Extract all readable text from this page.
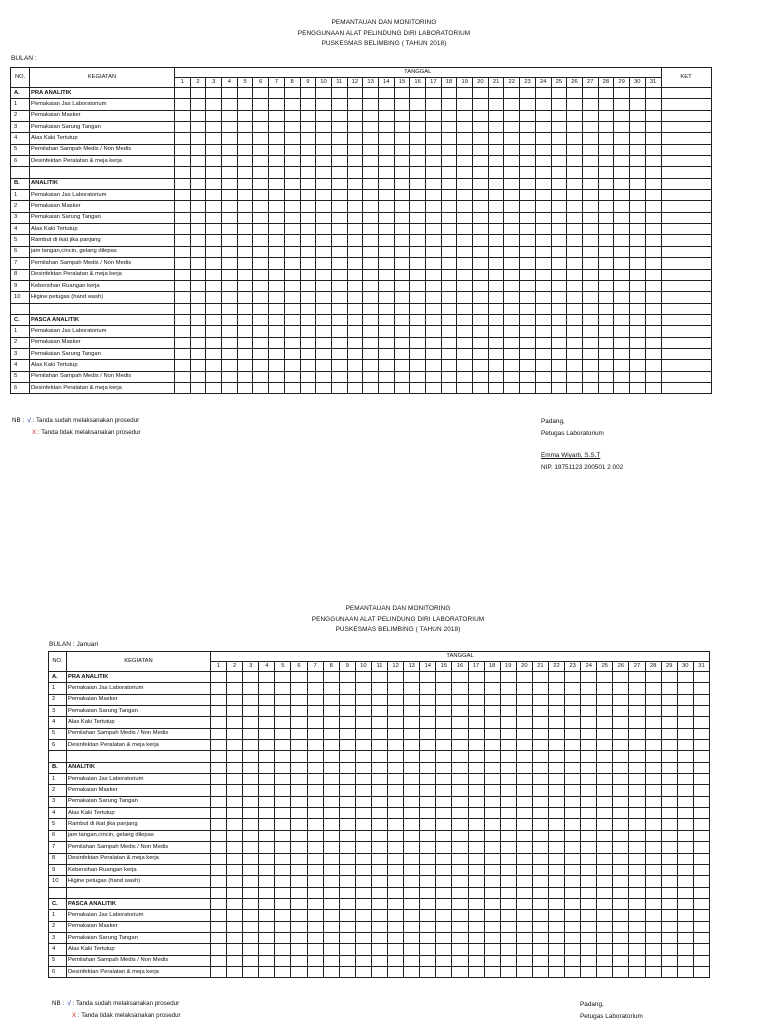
PEMANTAUAN DAN MONITORING
PENGGUNAAN ALAT PELINDUNG DIRI LABORATORIUM
PUSKESMAS BELIMBING ( TAHUN 2018)
BULAN :
NO.	KEGIATAN	TANGGAL																															KET
		1	2	3	4	5	6	7	8	9	10	11	12	13	14	15	16	17	18	19	20	21	22	23	24	25	26	27	28	29	30	31	
A.	PRA ANALITIK																																
1	Pemakaian Jas Laboratorium																																
2	Pemakaian Masker																																
3	Pemakaian Sarung Tangan																																
4	Alas Kaki Tertutup																																
5	Pemilahan Sampah Medis / Non Medis																																
6	Desinfektan Peralatan & meja kerja																																

B.	ANALITIK																																
1	Pemakaian Jas Laboratorium																																
2	Pemakaian Masker																																
3	Pemakaian Sarung Tangan																																
4	Alas Kaki Tertutup																																
5	Rambut di ikat jika panjang																																
6	jam tangan,cincin, gelang dilepas																																
7	Pemilahan Sampah Medis / Non Medis																																
8	Desinfektan Peralatan & meja kerja																																
9	Kebersihan Ruangan kerja																																
10	Higine petugas (hand wash)																																

C.	PASCA ANALITIK																																
1	Pemakaian Jas Laboratorium																																
2	Pemakaian Masker																																
3	Pemakaian Sarung Tangan																																
4	Alas Kaki Tertutup																																
5	Pemilahan Sampah Medis / Non Medis																																
6	Desinfektan Peralatan & meja kerja																																
NB : √ : Tanda sudah melaksanakan prosedur
X : Tanda tidak melaksanakan prosedur
Padang,
Petugas Laboratorium
Emma Wiyarti, S.S.T
NIP. 19751123 200501 2 002
PEMANTAUAN DAN MONITORING
PENGGUNAAN ALAT PELINDUNG DIRI LABORATORIUM
PUSKESMAS BELIMBING ( TAHUN 2018)
BULAN : Januari
NO.	KEGIATAN	TANGGAL																														
		1	2	3	4	5	6	7	8	9	10	11	12	13	14	15	16	17	18	19	20	21	22	23	24	25	26	27	28	29	30	31
A.	PRA ANALITIK																															
1	Pemakaian Jas Laboratorium																															
2	Pemakaian Masker																															
3	Pemakaian Sarung Tangan																															
4	Alas Kaki Tertutup																															
5	Pemilahan Sampah Medis / Non Medis																															
6	Desinfektan Peralatan & meja kerja																															

B.	ANALITIK																															
1	Pemakaian Jas Laboratorium																															
2	Pemakaian Masker																															
3	Pemakaian Sarung Tangan																															
4	Alas Kaki Tertutup																															
5	Rambut di ikat jika panjang																															
6	jam tangan,cincin, gelang dilepas																															
7	Pemilahan Sampah Medis / Non Medis																															
8	Desinfektan Peralatan & meja kerja																															
9	Kebersihan Ruangan kerja																															
10	Higine petugas (hand wash)																															

C.	PASCA ANALITIK																															
1	Pemakaian Jas Laboratorium																															
2	Pemakaian Masker																															
3	Pemakaian Sarung Tangan																															
4	Alas Kaki Tertutup																															
5	Pemilahan Sampah Medis / Non Medis																															
6	Desinfektan Peralatan & meja kerja																															
NB : √ : Tanda sudah melaksanakan prosedur
X : Tanda tidak melaksanakan prosedur
Padang,
Petugas Laboratorium
